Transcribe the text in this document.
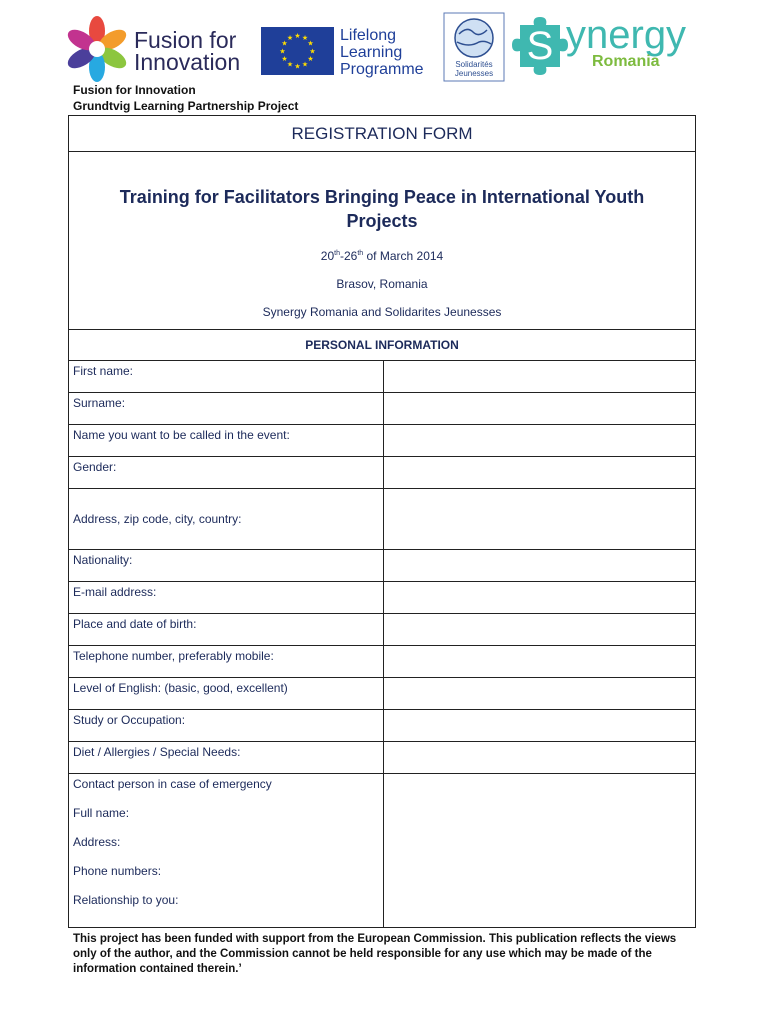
Fusion for
Innovation
★ ★
★
★
★
★
★
★
★
★
★
★	Lifelong
Learning
Programme	Solidarités
Jeunesses
S ynergy
Romania
Fusion for Innovation
Grundtvig Learning Partnership Project
REGISTRATION FORM	

Training for Facilitators Bringing Peace in International Youth Projects
20th-26th of March 2014
Brasov, Romania
Synergy Romania and Solidarites Jeunesses	

PERSONAL INFORMATION	
First name:	
Surname:	
Name you want to be called in the event:	
Gender:	
Address, zip code, city, country:	
Nationality:	
E-mail address:	
Place and date of birth:	
Telephone number, preferably mobile:	
Level of English: (basic, good, excellent)	
Study or Occupation:	
Diet / Allergies / Special Needs:	

Contact person in case of emergency
Full name:
Address:
Phone numbers:
Relationship to you:	

This project has been funded with support from the European Commission. This publication reflects the views only of the author, and the Commission cannot be held responsible for any use which may be made of the information contained therein.’
